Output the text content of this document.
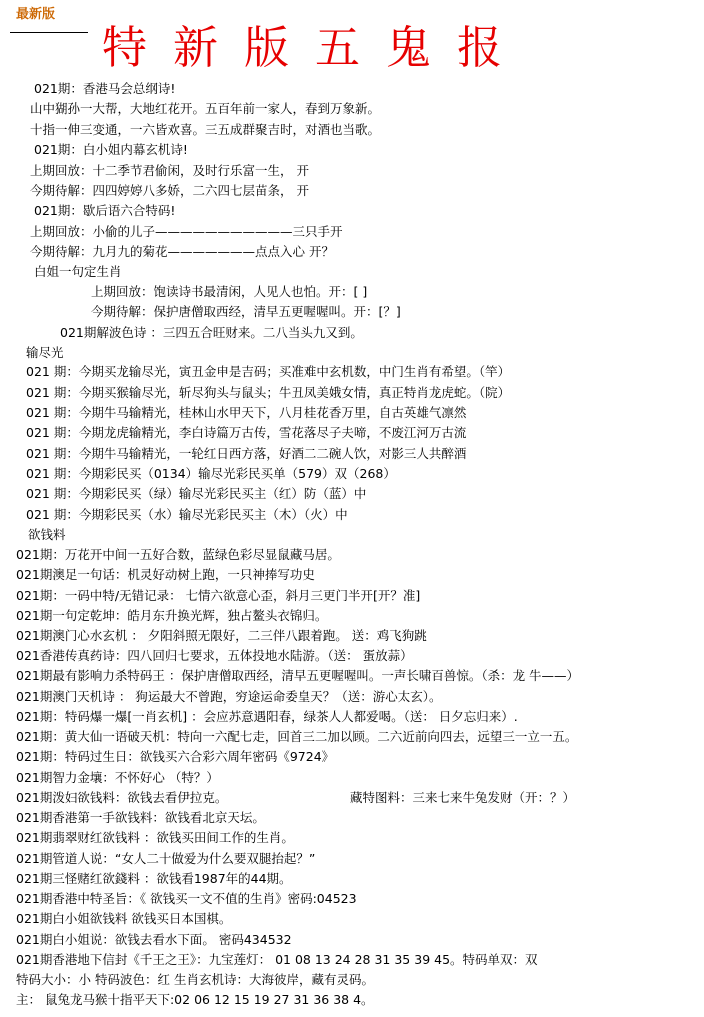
最新版
特新版五鬼报
021期：香港马会总纲诗!
山中猢孙一大帮，大地红花开。五百年前一家人，春到万象新。
十指一伸三变通，一六皆欢喜。三五成群聚吉时，对酒也当歌。
021期：白小姐内幕玄机诗!
上期回放：十二季节君偷闲，及时行乐富一生， 开
今期待解：四四婷婷八多娇，二六四七层苗条， 开
021期：歇后语六合特码!
上期回放：小偷的儿子———————————三只手开
今期待解：九月九的菊花———————点点入心 开？
白姐一句定生肖
上期回放：饱读诗书最清闲，人见人也怕。开：[ ]
今期待解：保护唐僧取西经，清早五更喔喔叫。开：[？]
021期解波色诗 ：三四五合旺财来。二八当头九又到。
输尽光
021 期：今期买龙输尽光，寅丑金申是吉码；买准难中玄机数，中门生肖有希望。（竿）
021 期：今期买猴输尽光，斩尽狗头与鼠头；牛丑凤美娥女情，真正特肖龙虎蛇。（院）
021 期：今期牛马输精光，桂林山水甲天下，八月桂花香万里，自古英雄气凛然
021 期：今期龙虎输精光，李白诗篇万古传，雪花落尽子夫啼，不废江河万古流
021 期：今期牛马输精光，一轮红日西方落，好酒二二碗人饮，对影三人共醉酒
021 期：今期彩民买（0134）输尽光彩民买单（579）双（268）
021 期：今期彩民买（绿）输尽光彩民买主（红）防（蓝）中
021 期：今期彩民买（水）输尽光彩民买主（木）（火）中
欲钱料
021期：万花开中间一五好合数，蓝绿色彩尽显鼠藏马居。
021期澳足一句话：机灵好动树上跑，一只神捧写功史
021期：一码中特/无错记录： 七情六欲意心歪，斜月三更门半开[开？准]
021期一句定乾坤：皓月东升换光辉，独占鳌头衣锦归。
021期澳门心水玄机 ： 夕阳斜照无限好，二三伴八跟着跑。 送：鸡飞狗跳
021香港传真药诗：四八回归七要求，五体投地水陆游。（送： 蛋放蒜）
021期最有影响力杀特码王 ：保护唐僧取西经，清早五更喔喔叫。一声长啸百兽惊。（杀：龙 牛——）
021期澳门天机诗 ： 狗运最大不曾跑，穷途运命委皇天？（送：游心太玄）。
021期：特码爆一爆[一肖玄机] ：会应苏意遇阳春，绿茶人人都爱喝。（送： 日夕忘归来）.
021期：黄大仙一语破天机：特向一六配七走，回首三二加以顾。二六近前向四去，远望三一立一五。
021期：特码过生日：欲钱买六合彩六周年密码《9724》
021期智力金壤：不怀好心 （特？）
021期泼妇欲钱料：欲钱去看伊拉克。	藏特图料：三来七来牛兔发财（开：？）
021期香港第一手欲钱料：欲钱看北京天坛。
021期翡翠财红欲钱料 ：欲钱买田间工作的生肖。
021期管道人说：“女人二十做爱为什么要双腿抬起？”
021期三怪赌红欲錢料 ：欲钱看1987年的44期。
021期香港中特圣旨：《 欲钱买一文不值的生肖》密码:04523
021期白小姐欲钱料 欲钱买日本国棋。
021期白小姐说：欲钱去看水下面。 密码434532
021期香港地下信封《千王之王》：九宝莲灯： 01 08 13 24 28 31 35 39 45。特码单双：双
特码大小：小 特码波色：红 生肖玄机诗：大海彼岸，藏有灵码。
主： 鼠兔龙马猴十指平天下:02 06 12 15 19 27 31 36 38 4。
